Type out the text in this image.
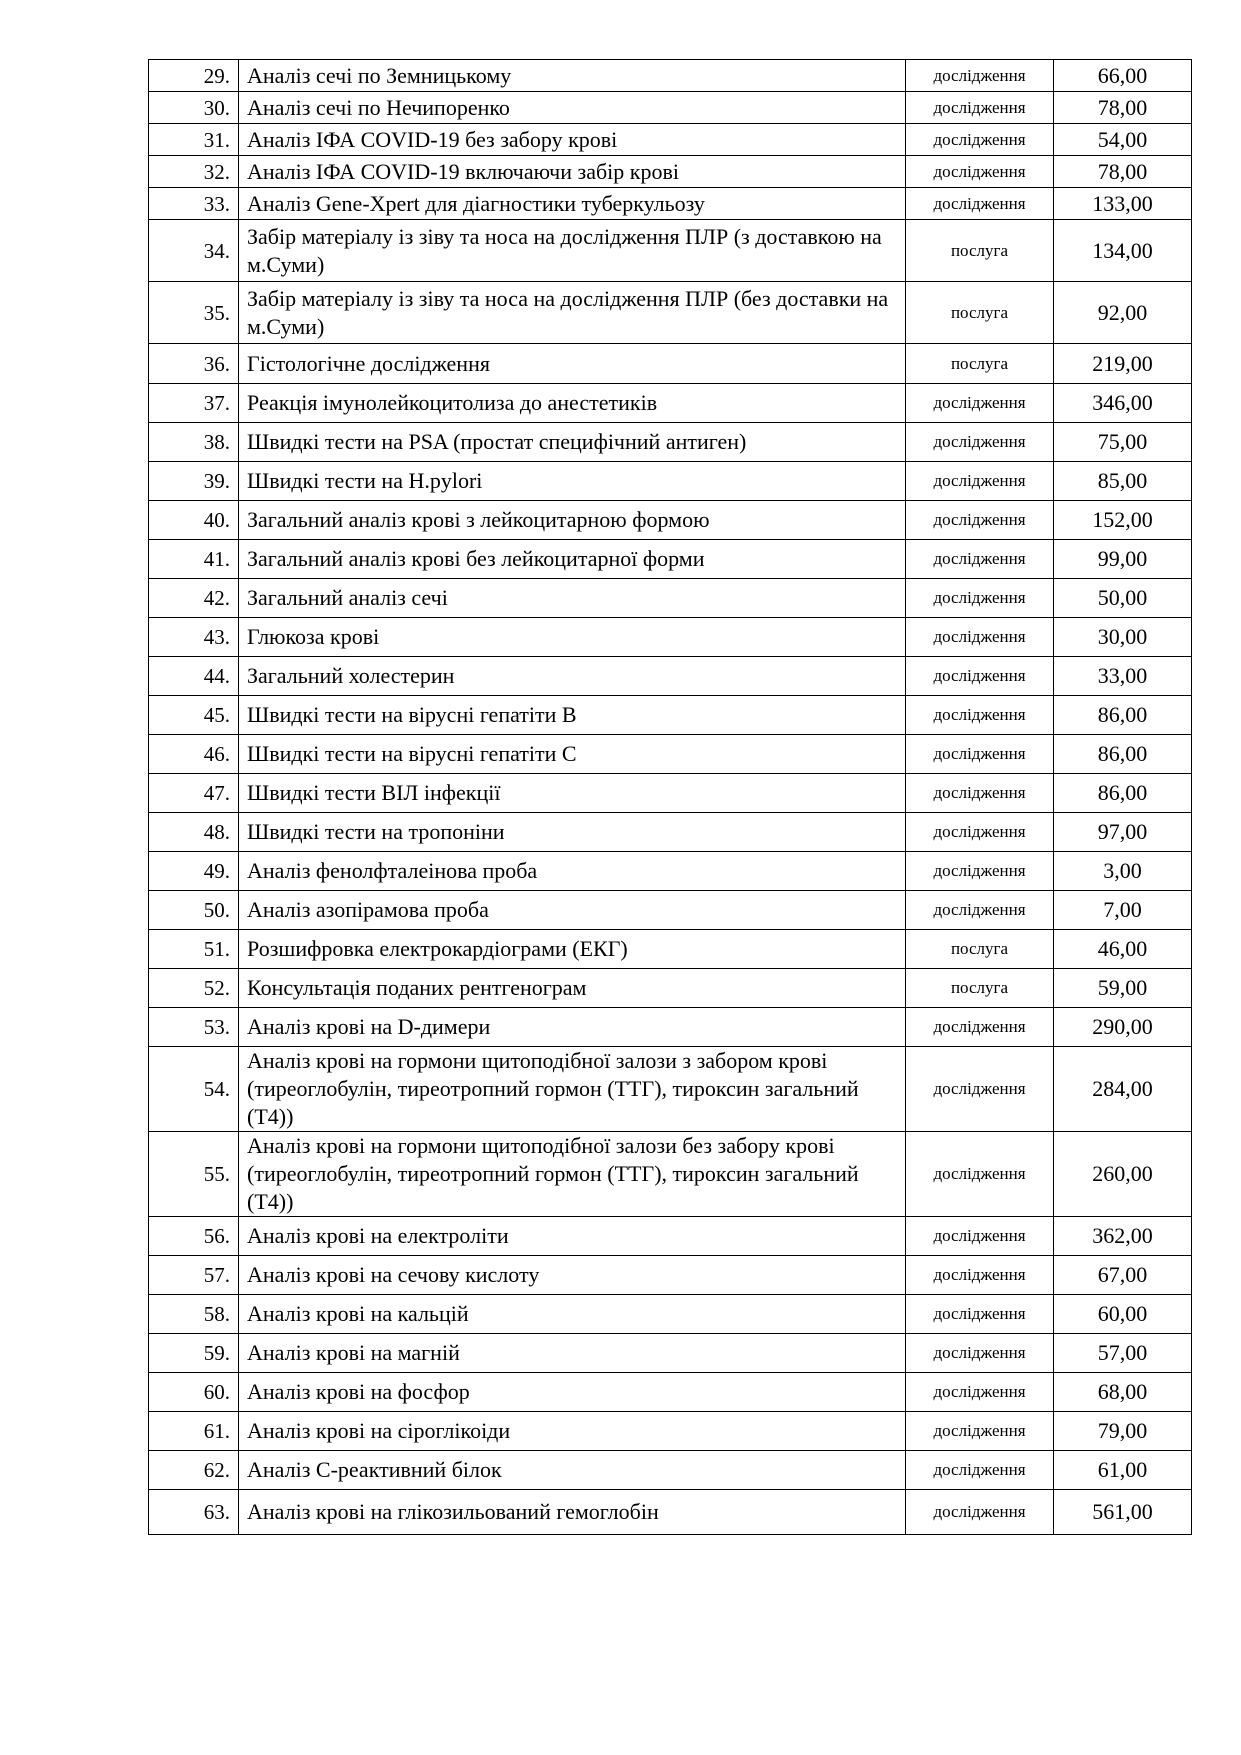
29.	Аналіз сечі по Земницькому	дослідження	66,00
30.	Аналіз сечі по Нечипоренко	дослідження	78,00
31.	Аналіз ІФА COVID-19 без забору крові	дослідження	54,00
32.	Аналіз ІФА COVID-19 включаючи забір крові	дослідження	78,00
33.	Аналіз Gene-Xpert для діагностики туберкульозу	дослідження	133,00
34.	Забір матеріалу із зіву та носа на дослідження ПЛР (з доставкою на м.Суми)	послуга	134,00
35.	Забір матеріалу із зіву та носа на дослідження ПЛР (без доставки на м.Суми)	послуга	92,00
36.	Гістологічне дослідження	послуга	219,00
37.	Реакція імунолейкоцитолиза до анестетиків	дослідження	346,00
38.	Швидкі тести на PSA (простат специфічний антиген)	дослідження	75,00
39.	Швидкі тести на H.pylori	дослідження	85,00
40.	Загальний аналіз крові з лейкоцитарною формою	дослідження	152,00
41.	Загальний аналіз крові без лейкоцитарної форми	дослідження	99,00
42.	Загальний аналіз сечі	дослідження	50,00
43.	Глюкоза крові	дослідження	30,00
44.	Загальний холестерин	дослідження	33,00
45.	Швидкі тести на вірусні гепатіти В	дослідження	86,00
46.	Швидкі тести на вірусні гепатіти С	дослідження	86,00
47.	Швидкі тести ВІЛ інфекції	дослідження	86,00
48.	Швидкі тести на тропоніни	дослідження	97,00
49.	Аналіз фенолфталеінова проба	дослідження	3,00
50.	Аналіз азопірамова проба	дослідження	7,00
51.	Розшифровка електрокардіограми (ЕКГ)	послуга	46,00
52.	Консультація поданих рентгенограм	послуга	59,00
53.	Аналіз крові на D-димери	дослідження	290,00
54.	Аналіз крові на гормони щитоподібної залози з забором крові (тиреоглобулін, тиреотропний гормон (ТТГ), тироксин загальний (Т4))	дослідження	284,00
55.	Аналіз крові на гормони щитоподібної залози без забору крові (тиреоглобулін, тиреотропний гормон (ТТГ), тироксин загальний (Т4))	дослідження	260,00
56.	Аналіз крові на електроліти	дослідження	362,00
57.	Аналіз крові на сечову кислоту	дослідження	67,00
58.	Аналіз крові на кальцій	дослідження	60,00
59.	Аналіз крові на магній	дослідження	57,00
60.	Аналіз крові на фосфор	дослідження	68,00
61.	Аналіз крові на сіроглікоіди	дослідження	79,00
62.	Аналіз С-реактивний білок	дослідження	61,00
63.	Аналіз крові на глікозильований гемоглобін	дослідження	561,00
